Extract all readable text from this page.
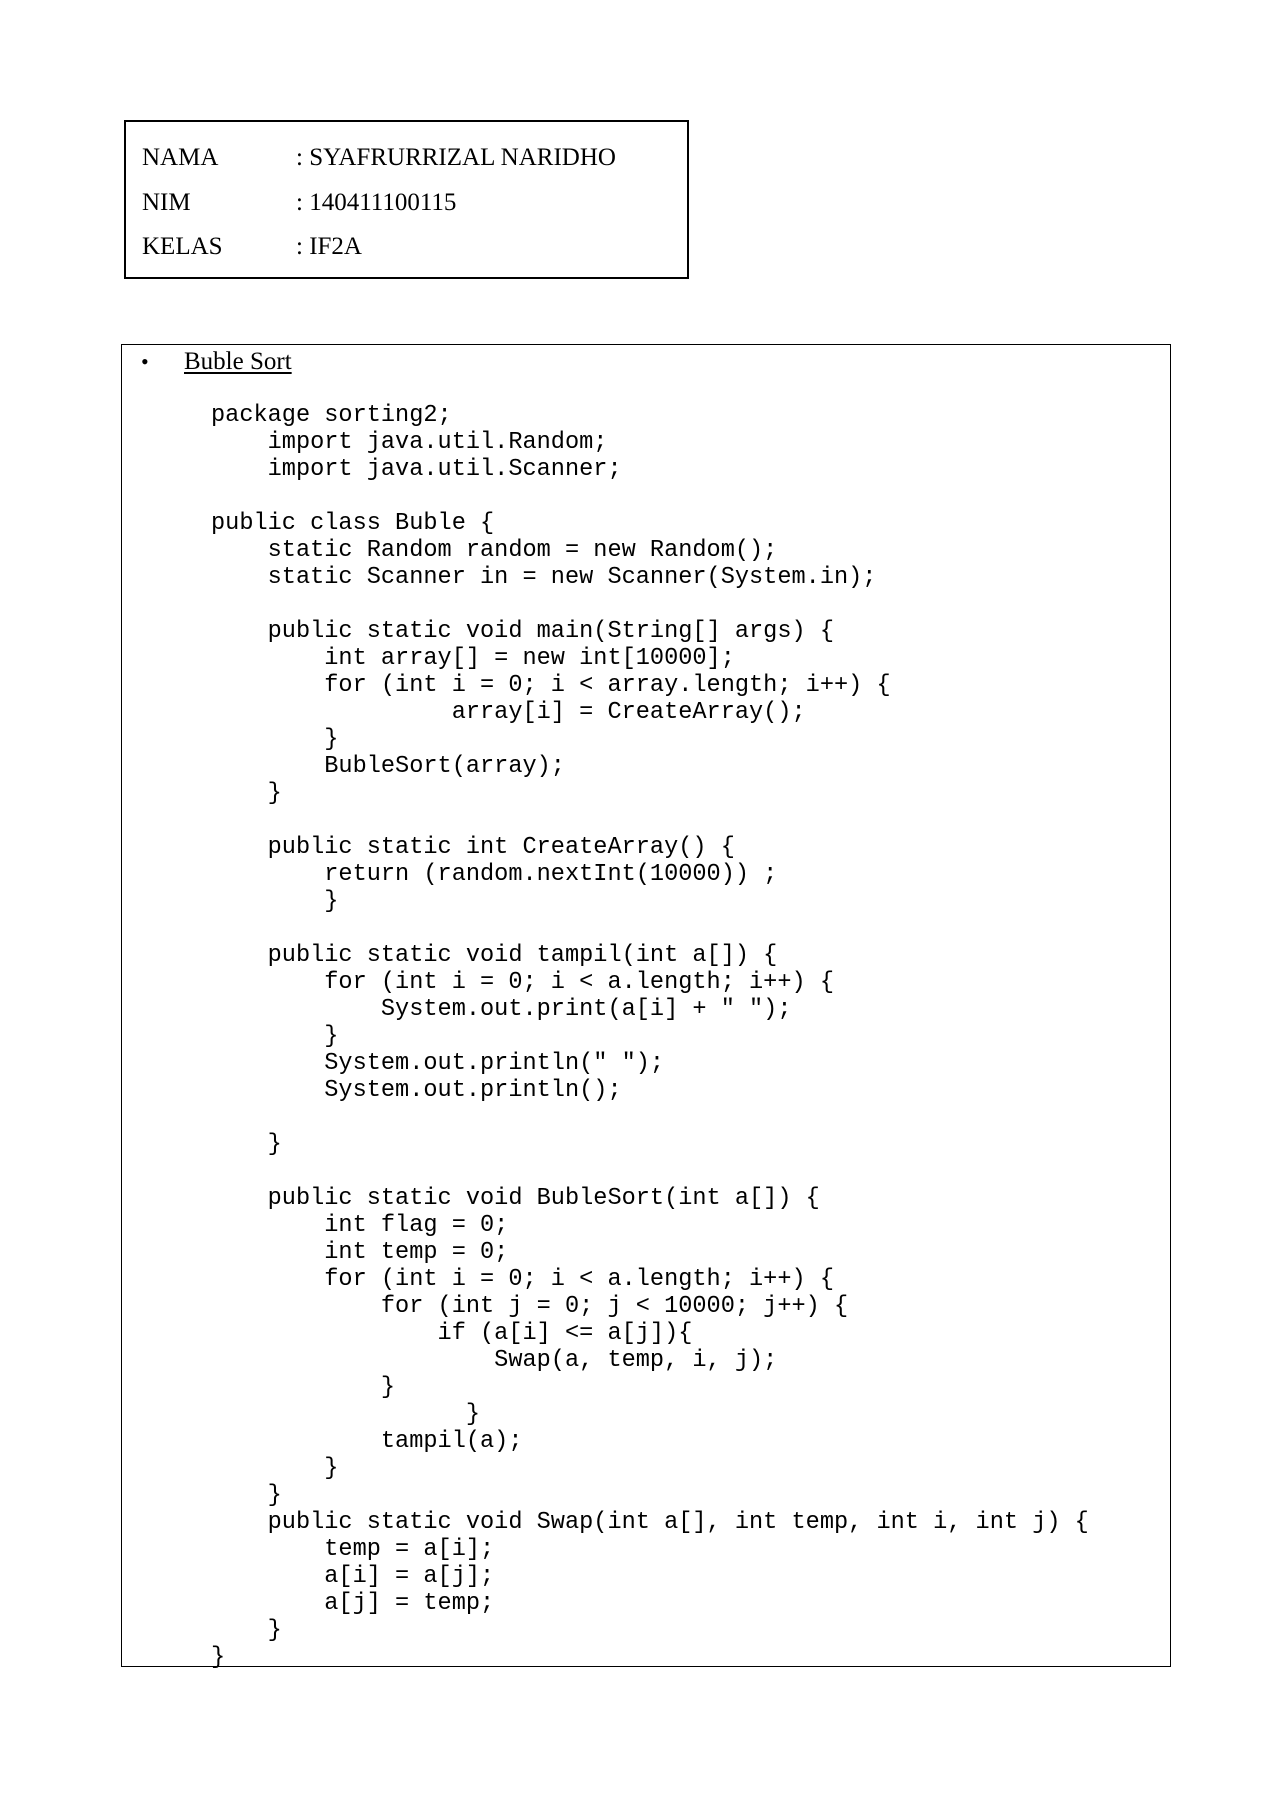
NAMA	: SYAFRURRIZAL NARIDHO
NIM	: 140411100115
KELAS	: IF2A
• Buble Sort
package sorting2;
import java.util.Random;
import java.util.Scanner;
public class Buble {
static Random random = new Random();
static Scanner in = new Scanner(System.in);
public static void main(String[] args) {
int array[] = new int[10000];
for (int i = 0; i < array.length; i++) {
array[i] = CreateArray();
}
BubleSort(array);
}
public static int CreateArray() {
return (random.nextInt(10000)) ;
}
public static void tampil(int a[]) {
for (int i = 0; i < a.length; i++) {
System.out.print(a[i] + " ");
}
System.out.println(" ");
System.out.println();
}
public static void BubleSort(int a[]) {
int flag = 0;
int temp = 0;
for (int i = 0; i < a.length; i++) {
for (int j = 0; j < 10000; j++) {
if (a[i] <= a[j]){
Swap(a, temp, i, j);
}
}
tampil(a);
}
}
public static void Swap(int a[], int temp, int i, int j) {
temp = a[i];
a[i] = a[j];
a[j] = temp;
}
}
